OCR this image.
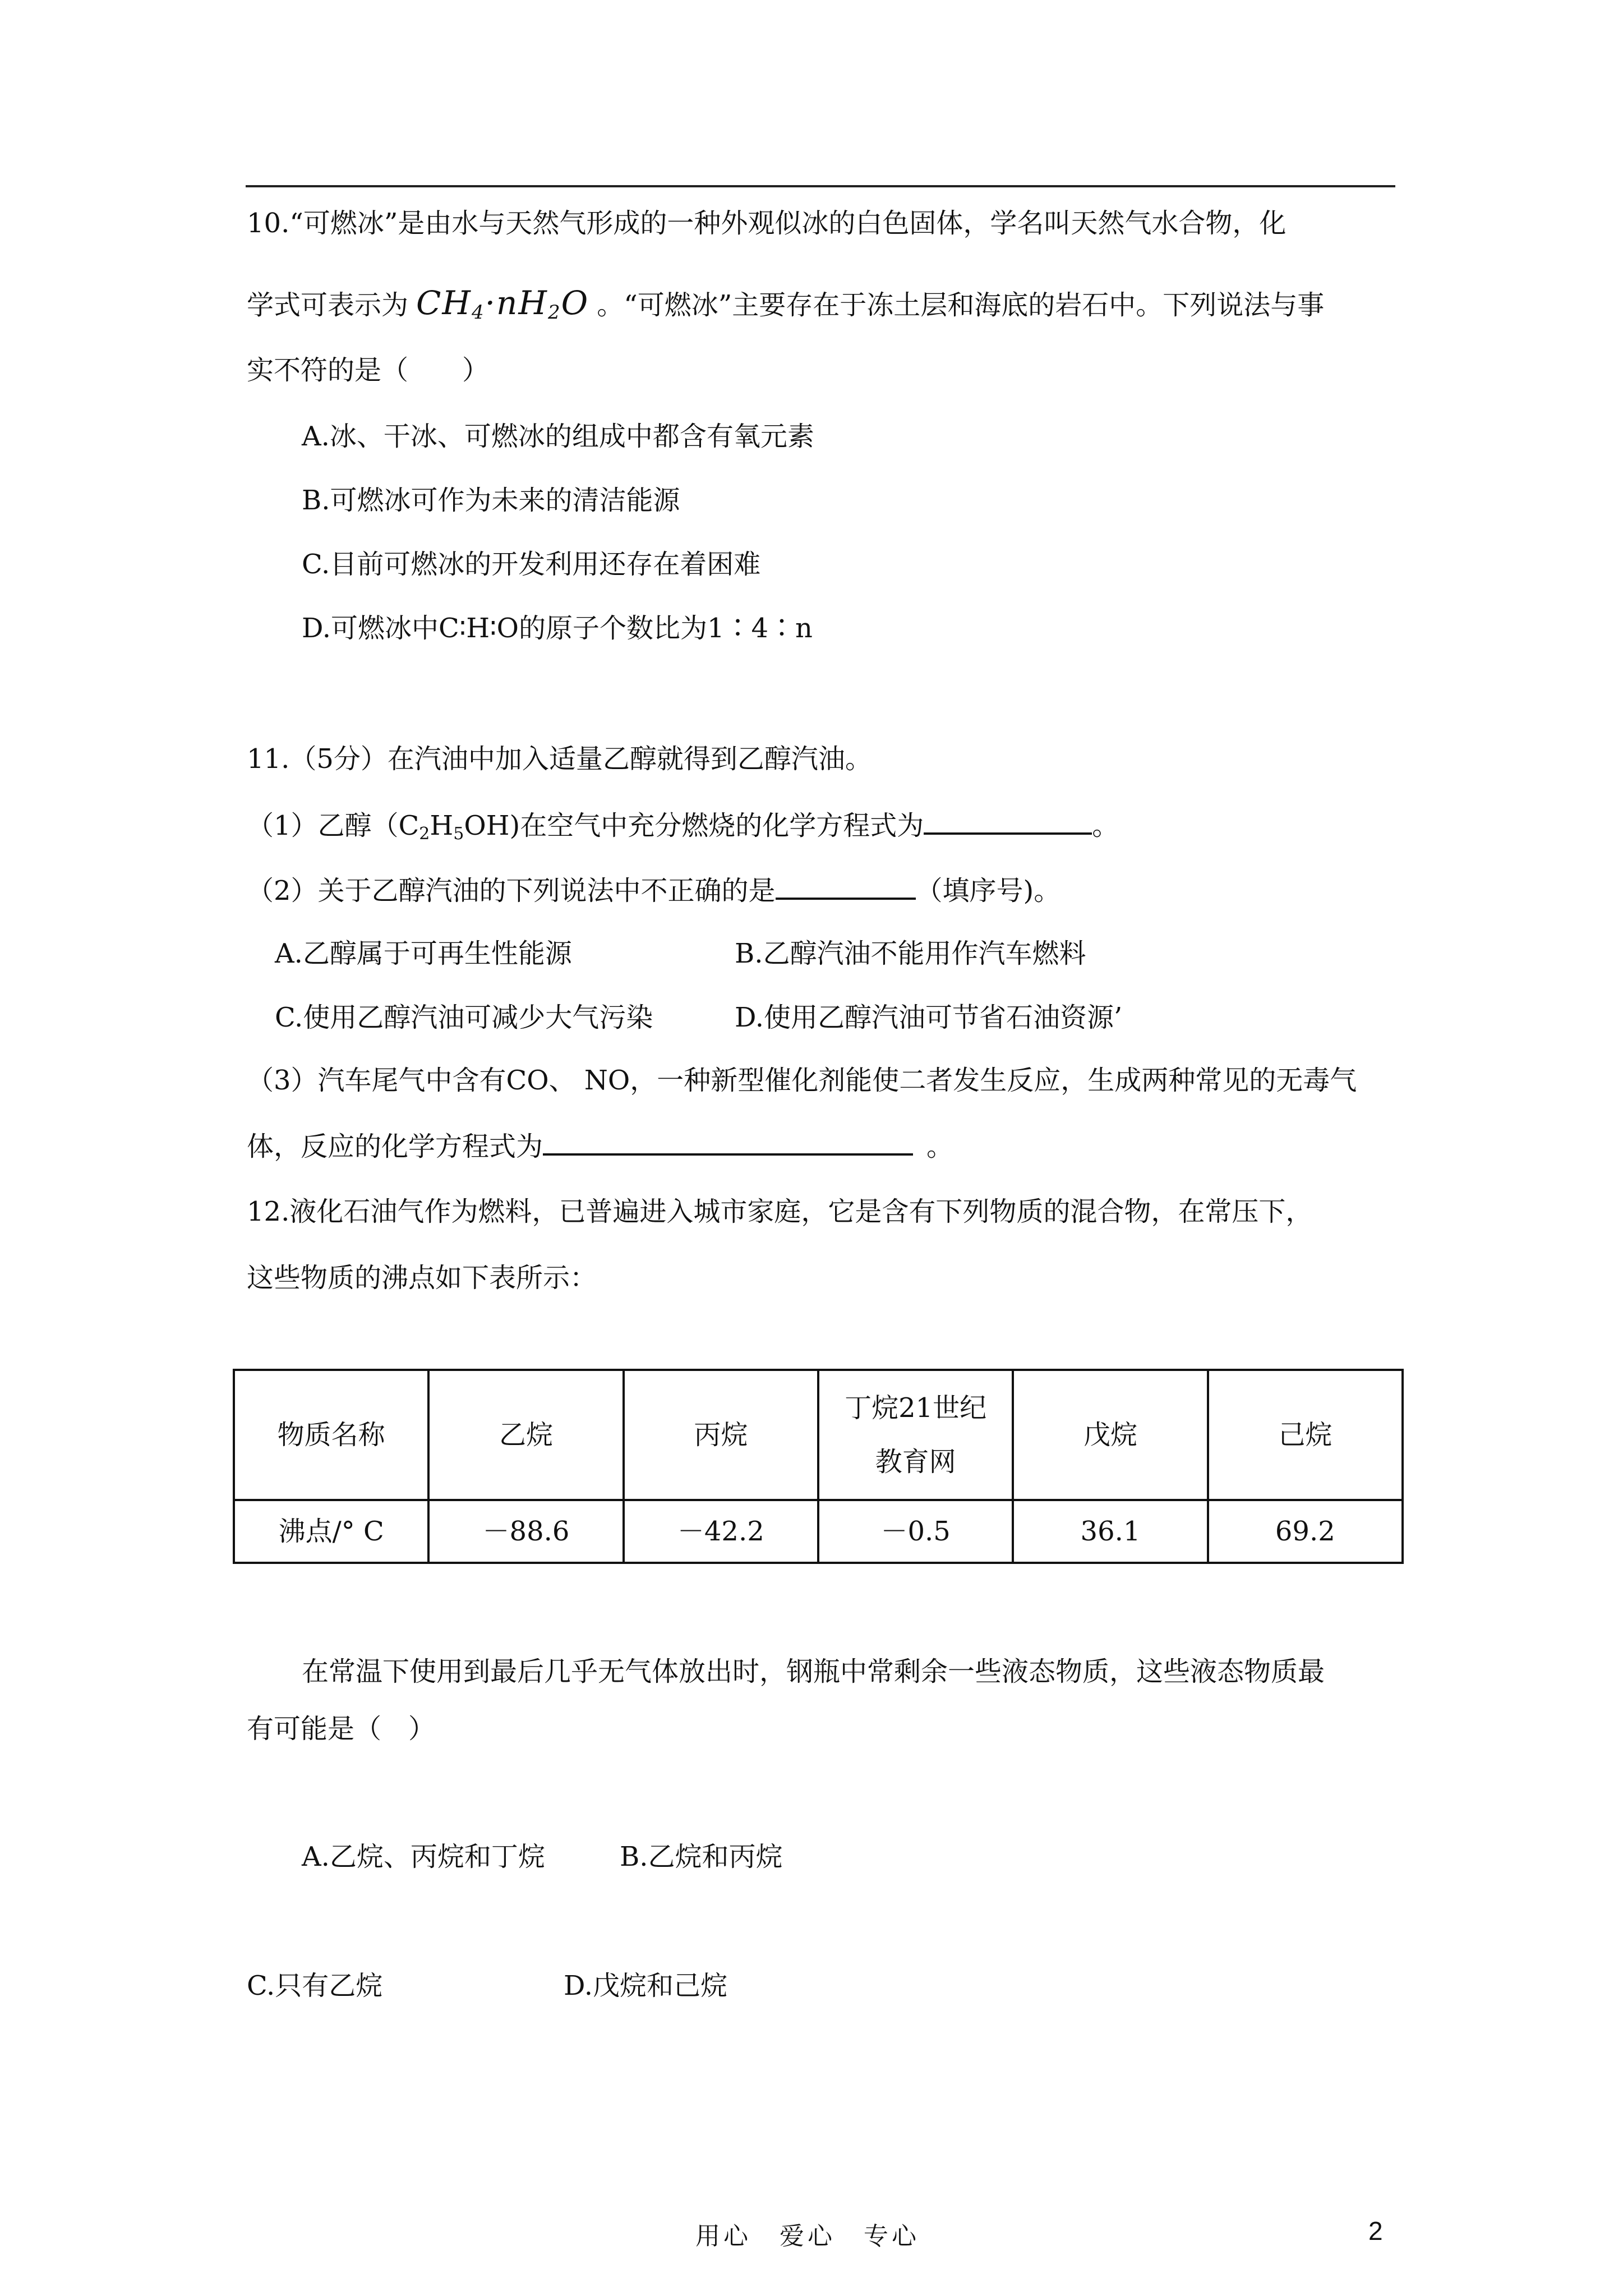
10.“可燃冰”是由水与天然气形成的一种外观似冰的白色固体，学名叫天然气水合物，化
学式可表示为 $CH_4\cdot nH_2O$ 。“可燃冰”主要存在于冻土层和海底的岩石中。下列说法与事
实不符的是（　　）
A.冰、干冰、可燃冰的组成中都含有氧元素
B.可燃冰可作为未来的清洁能源
C.目前可燃冰的开发利用还存在着困难
D.可燃冰中C∶H∶O的原子个数比为1∶4∶n
11.（5分）在汽油中加入适量乙醇就得到乙醇汽油。
（1）乙醇$(C_2H_5OH)$在空气中充分燃烧的化学方程式为	。
（2）关于乙醇汽油的下列说法中不正确的是	（填序号)。
A.乙醇属于可再生性能源	B.乙醇汽油不能用作汽车燃料
C.使用乙醇汽油可减少大气污染	D.使用乙醇汽油可节省石油资源’
（3）汽车尾气中含有CO、 NO，一种新型催化剂能使二者发生反应，生成两种常见的无毒气
体，反应的化学方程式为	。
12.液化石油气作为燃料，已普遍进入城市家庭，它是含有下列物质的混合物，在常压下，
这些物质的沸点如下表所示：
物质名称	乙烷	丙烷	丁烷21世纪教育网	戊烷	己烷
沸点/° C	－88.6	－42.2	－0.5	36.1	69.2
在常温下使用到最后几乎无气体放出时，钢瓶中常剩余一些液态物质，这些液态物质最
有可能是（　）
A.乙烷、丙烷和丁烷	B.乙烷和丙烷
C.只有乙烷	D.戊烷和己烷
用心　爱心　专心	2
